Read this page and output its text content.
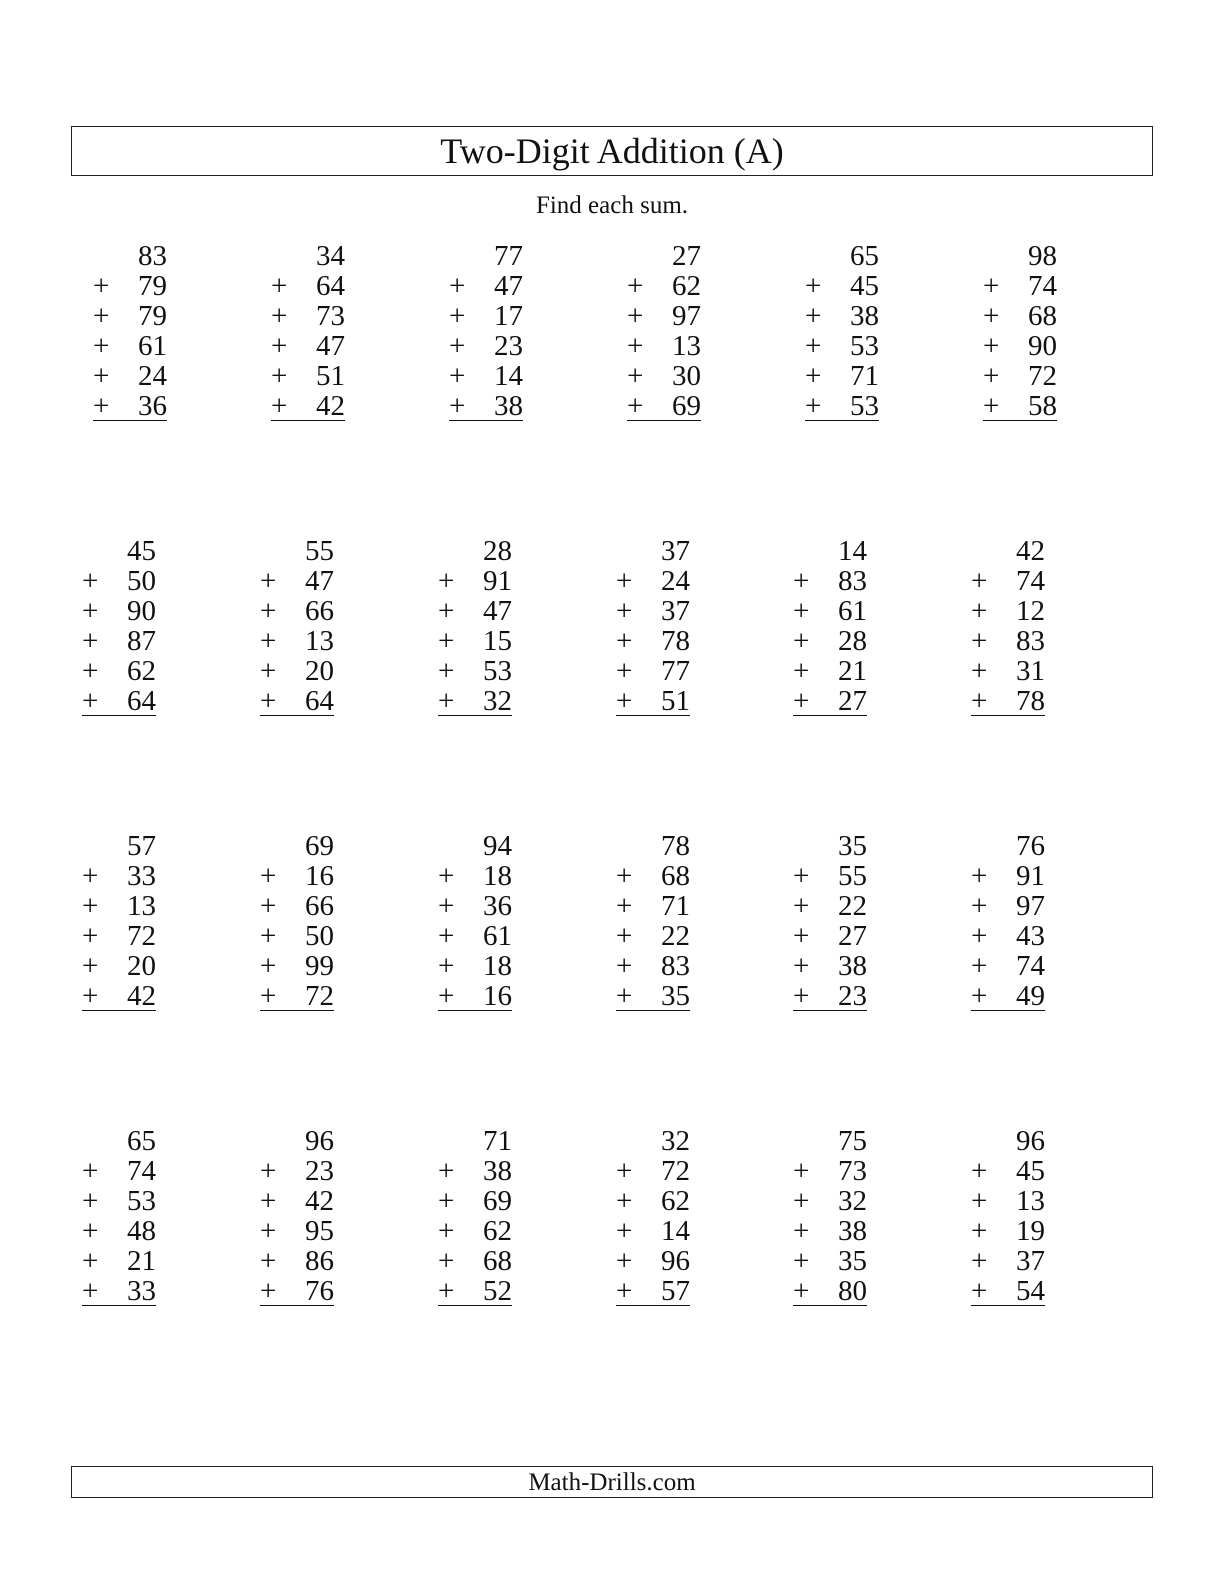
Two-Digit Addition (A)
Find each sum.
83
+ 79
+ 79
+ 61
+ 24
+ 36
34
+ 64
+ 73
+ 47
+ 51
+ 42
77
+ 47
+ 17
+ 23
+ 14
+ 38
27
+ 62
+ 97
+ 13
+ 30
+ 69
65
+ 45
+ 38
+ 53
+ 71
+ 53
98
+ 74
+ 68
+ 90
+ 72
+ 58
45
+ 50
+ 90
+ 87
+ 62
+ 64
55
+ 47
+ 66
+ 13
+ 20
+ 64
28
+ 91
+ 47
+ 15
+ 53
+ 32
37
+ 24
+ 37
+ 78
+ 77
+ 51
14
+ 83
+ 61
+ 28
+ 21
+ 27
42
+ 74
+ 12
+ 83
+ 31
+ 78
57
+ 33
+ 13
+ 72
+ 20
+ 42
69
+ 16
+ 66
+ 50
+ 99
+ 72
94
+ 18
+ 36
+ 61
+ 18
+ 16
78
+ 68
+ 71
+ 22
+ 83
+ 35
35
+ 55
+ 22
+ 27
+ 38
+ 23
76
+ 91
+ 97
+ 43
+ 74
+ 49
65
+ 74
+ 53
+ 48
+ 21
+ 33
96
+ 23
+ 42
+ 95
+ 86
+ 76
71
+ 38
+ 69
+ 62
+ 68
+ 52
32
+ 72
+ 62
+ 14
+ 96
+ 57
75
+ 73
+ 32
+ 38
+ 35
+ 80
96
+ 45
+ 13
+ 19
+ 37
+ 54
Math-Drills.com
